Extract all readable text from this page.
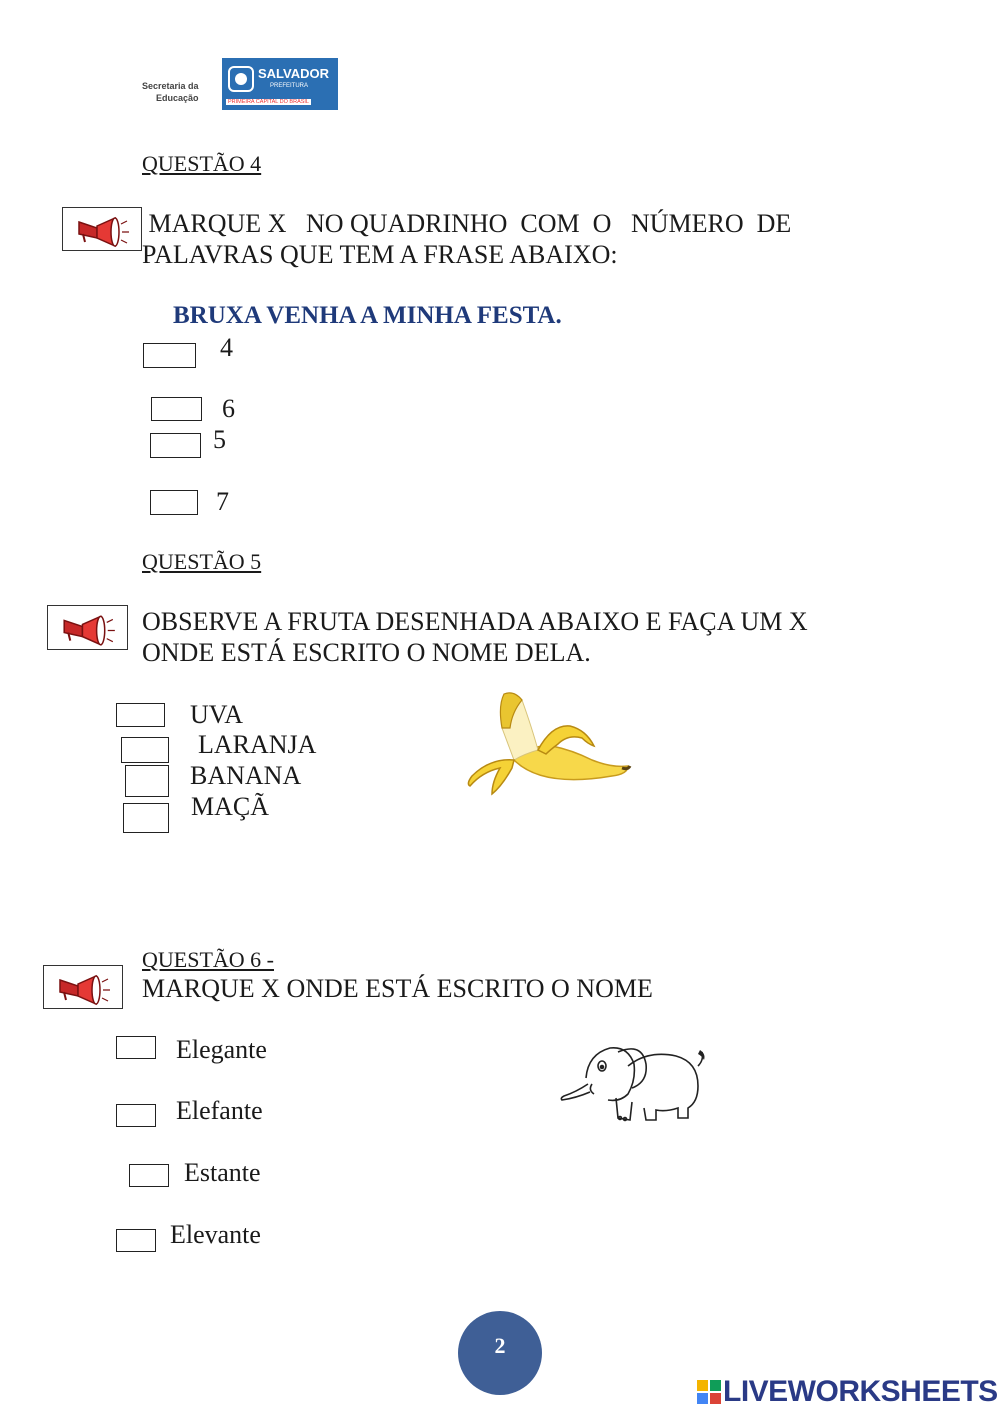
Secretaria da
Educação
SALVADOR
PREFEITURA
PRIMEIRA CAPITAL DO BRASIL
QUESTÃO 4
MARQUE X   NO QUADRINHO  COM  O   NÚMERO  DE
PALAVRAS QUE TEM A FRASE ABAIXO:
BRUXA VENHA A MINHA FESTA.
4
6
5
7
QUESTÃO 5
OBSERVE A FRUTA DESENHADA ABAIXO E FAÇA UM X
ONDE ESTÁ ESCRITO O NOME DELA.
UVA
LARANJA
BANANA
MAÇÃ
QUESTÃO 6 -
MARQUE X ONDE ESTÁ ESCRITO O NOME
Elegante
Elefante
Estante
Elevante
2
LIVEWORKSHEETS
